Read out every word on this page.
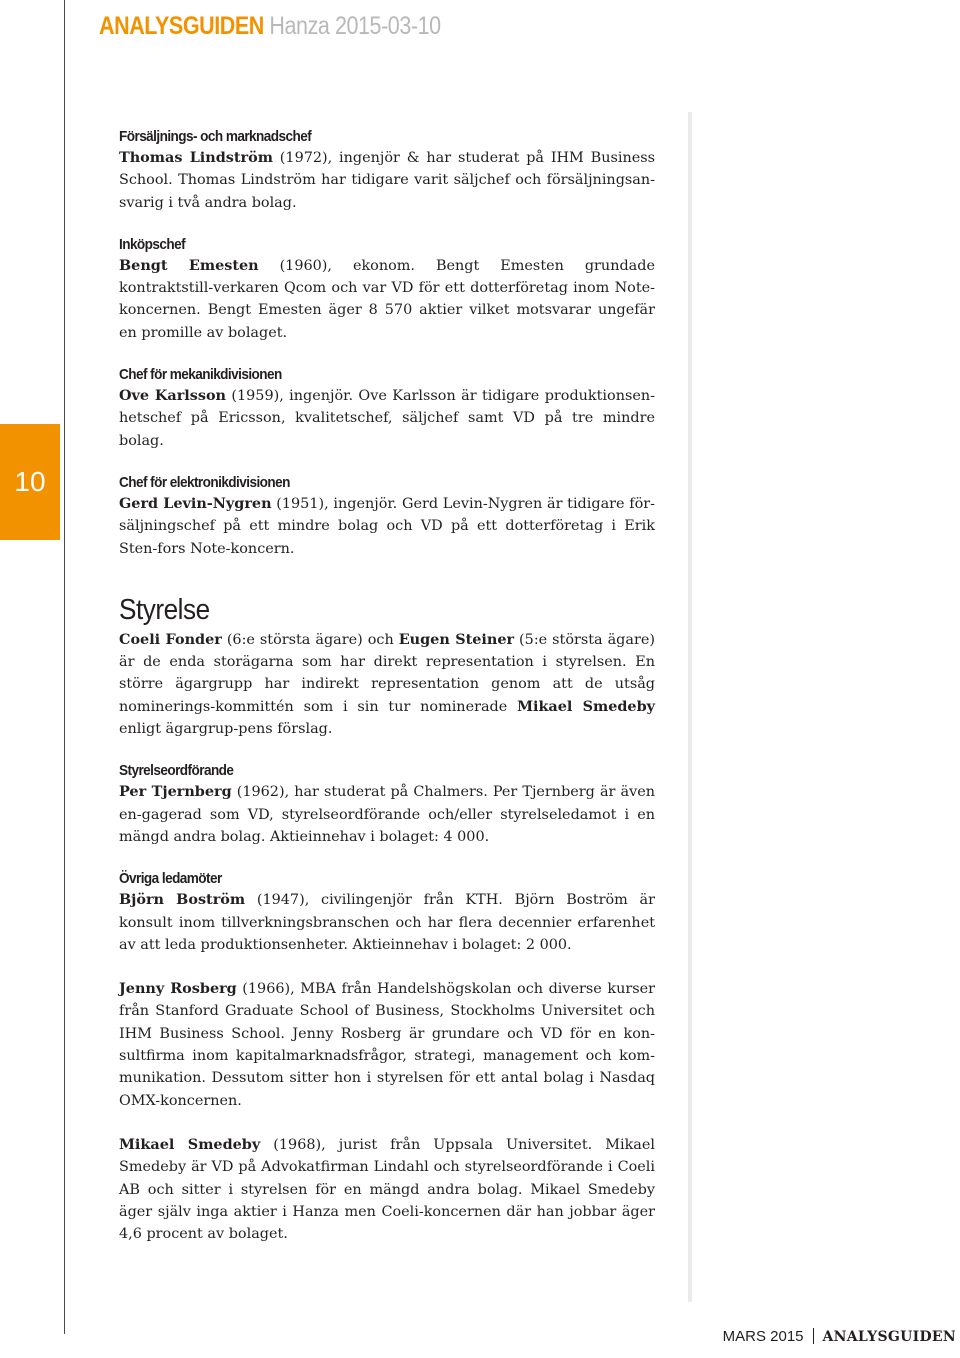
ANALYSGUIDEN Hanza 2015-03-10
10

Försäljnings- och marknadschef
Thomas Lindström (1972), ingenjör & har studerat på IHM Business School. Thomas Lindström har tidigare varit säljchef och försäljningsan-svarig i två andra bolag.

Inköpschef
Bengt Emesten (1960), ekonom. Bengt Emesten grundade kontraktstill-verkaren Qcom och var VD för ett dotterföretag inom Note-koncernen. Bengt Emesten äger 8 570 aktier vilket motsvarar ungefär en promille av bolaget.

Chef för mekanikdivisionen
Ove Karlsson (1959), ingenjör. Ove Karlsson är tidigare produktionsen-hetschef på Ericsson, kvalitetschef, säljchef samt VD på tre mindre bolag.

Chef för elektronikdivisionen
Gerd Levin-Nygren (1951), ingenjör. Gerd Levin-Nygren är tidigare för-säljningschef på ett mindre bolag och VD på ett dotterföretag i Erik Sten-fors Note-koncern.

Styrelse

Coeli Fonder (6:e största ägare) och Eugen Steiner (5:e största ägare) är de enda storägarna som har direkt representation i styrelsen. En större ägargrupp har indirekt representation genom att de utsåg nominerings-kommittén som i sin tur nominerade Mikael Smedeby enligt ägargrup-pens förslag.

Styrelseordförande
Per Tjernberg (1962), har studerat på Chalmers. Per Tjernberg är även en-gagerad som VD, styrelseordförande och/eller styrelseledamot i en mängd andra bolag. Aktieinnehav i bolaget: 4 000.

Övriga ledamöter
Björn Boström (1947), civilingenjör från KTH. Björn Boström är konsult inom tillverkningsbranschen och har flera decennier erfarenhet av att leda produktionsenheter. Aktieinnehav i bolaget: 2 000.

Jenny Rosberg (1966), MBA från Handelshögskolan och diverse kurser från Stanford Graduate School of Business, Stockholms Universitet och IHM Business School. Jenny Rosberg är grundare och VD för en kon-sultfirma inom kapitalmarknadsfrågor, strategi, management och kom-munikation. Dessutom sitter hon i styrelsen för ett antal bolag i Nasdaq OMX-koncernen.

Mikael Smedeby (1968), jurist från Uppsala Universitet. Mikael Smedeby är VD på Advokatfirman Lindahl och styrelseordförande i Coeli AB och sitter i styrelsen för en mängd andra bolag. Mikael Smedeby äger själv inga aktier i Hanza men Coeli-koncernen där han jobbar äger 4,6 procent av bolaget.

MARS 2015 ANALYSGUIDEN
